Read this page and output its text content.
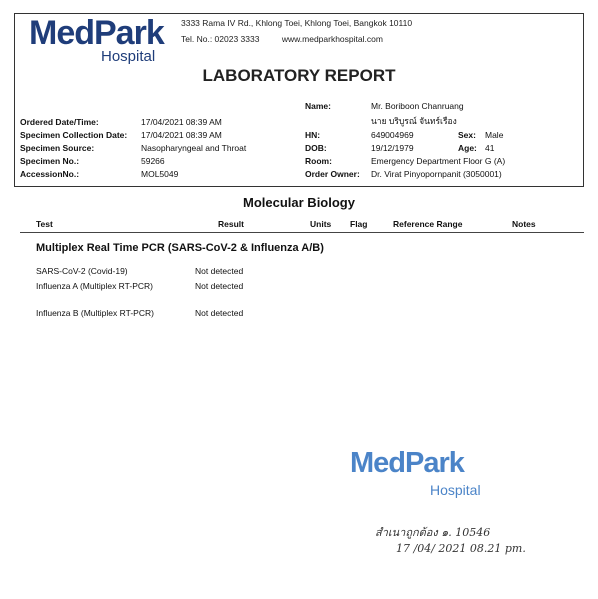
MedPark
Hospital
3333 Rama IV Rd., Khlong Toei, Khlong Toei, Bangkok 10110
Tel. No.: 02023 3333	www.medparkhospital.com
LABORATORY REPORT
Ordered Date/Time:	17/04/2021 08:39 AM
Specimen Collection Date: 17/04/2021 08:39 AM
Specimen Source:	Nasopharyngeal and Throat
Specimen No.:	59266
AccessionNo.:	MOL5049
Name:	Mr. Boriboon Chanruang
นาย บริบูรณ์ จันทร์เรือง
HN:	649004969	Sex: Male
DOB:	19/12/1979	Age: 41
Room:	Emergency Department Floor G (A)
Order Owner: Dr. Virat Pinyopornpanit (3050001)
Molecular Biology
Test	Result	Units Flag	Reference Range	Notes
Multiplex Real Time PCR (SARS-CoV-2 & Influenza A/B)
SARS-CoV-2 (Covid-19)	Not detected
Influenza A (Multiplex RT-PCR)	Not detected
Influenza B (Multiplex RT-PCR)	Not detected
MedPark
Hospital
สำเนาถูกต้อง ๑. 10546
17 /04/ 2021 08.21 pm.
